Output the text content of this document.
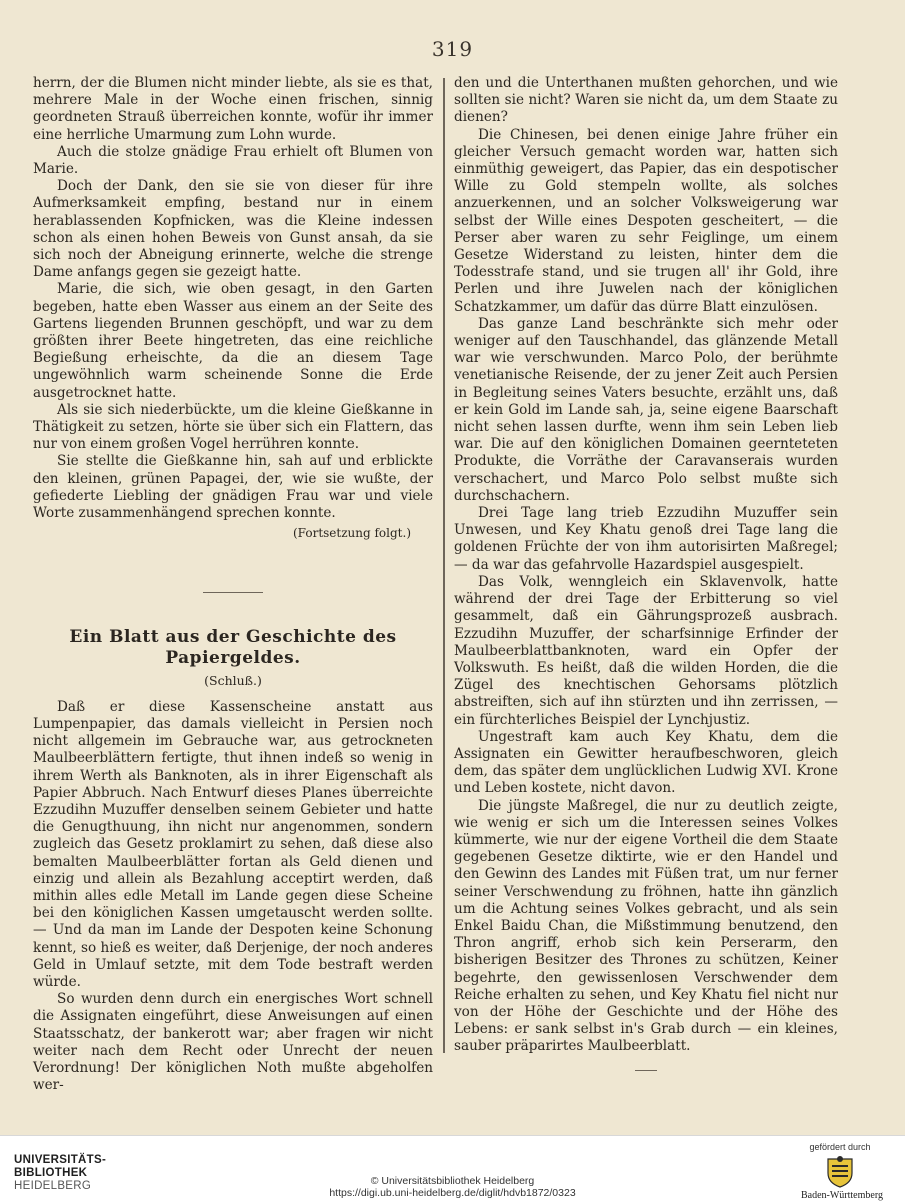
319

herrn, der die Blumen nicht minder liebte, als sie es that, mehrere Male in der Woche einen frischen, sinnig geordneten Strauß überreichen konnte, wofür ihr immer eine herrliche Umarmung zum Lohn wurde.

Auch die stolze gnädige Frau erhielt oft Blumen von Marie.

Doch der Dank, den sie sie von dieser für ihre Aufmerksamkeit empfing, bestand nur in einem herablassenden Kopfnicken, was die Kleine indessen schon als einen hohen Beweis von Gunst ansah, da sie sich noch der Abneigung erinnerte, welche die strenge Dame anfangs gegen sie gezeigt hatte.

Marie, die sich, wie oben gesagt, in den Garten begeben, hatte eben Wasser aus einem an der Seite des Gartens liegenden Brunnen geschöpft, und war zu dem größten ihrer Beete hingetreten, das eine reichliche Begießung erheischte, da die an diesem Tage ungewöhnlich warm scheinende Sonne die Erde ausgetrocknet hatte.

Als sie sich niederbückte, um die kleine Gießkanne in Thätigkeit zu setzen, hörte sie über sich ein Flattern, das nur von einem großen Vogel herrühren konnte.

Sie stellte die Gießkanne hin, sah auf und erblickte den kleinen, grünen Papagei, der, wie sie wußte, der gefiederte Liebling der gnädigen Frau war und viele Worte zusammenhängend sprechen konnte.

(Fortsetzung folgt.)

Ein Blatt aus der Geschichte des Papiergeldes.

(Schluß.)

Daß er diese Kassenscheine anstatt aus Lumpenpapier, das damals vielleicht in Persien noch nicht allgemein im Gebrauche war, aus getrockneten Maulbeerblättern fertigte, thut ihnen indeß so wenig in ihrem Werth als Banknoten, als in ihrer Eigenschaft als Papier Abbruch. Nach Entwurf dieses Planes überreichte Ezzudihn Muzuffer denselben seinem Gebieter und hatte die Genugthuung, ihn nicht nur angenommen, sondern zugleich das Gesetz proklamirt zu sehen, daß diese also bemalten Maulbeerblätter fortan als Geld dienen und einzig und allein als Bezahlung acceptirt werden, daß mithin alles edle Metall im Lande gegen diese Scheine bei den königlichen Kassen umgetauscht werden sollte. — Und da man im Lande der Despoten keine Schonung kennt, so hieß es weiter, daß Derjenige, der noch anderes Geld in Umlauf setzte, mit dem Tode bestraft werden würde.

So wurden denn durch ein energisches Wort schnell die Assignaten eingeführt, diese Anweisungen auf einen Staatsschatz, der bankerott war; aber fragen wir nicht weiter nach dem Recht oder Unrecht der neuen Verordnung! Der königlichen Noth mußte abgeholfen wer-

den und die Unterthanen mußten gehorchen, und wie sollten sie nicht? Waren sie nicht da, um dem Staate zu dienen?

Die Chinesen, bei denen einige Jahre früher ein gleicher Versuch gemacht worden war, hatten sich einmüthig geweigert, das Papier, das ein despotischer Wille zu Gold stempeln wollte, als solches anzuerkennen, und an solcher Volksweigerung war selbst der Wille eines Despoten gescheitert, — die Perser aber waren zu sehr Feiglinge, um einem Gesetze Widerstand zu leisten, hinter dem die Todesstrafe stand, und sie trugen all' ihr Gold, ihre Perlen und ihre Juwelen nach der königlichen Schatzkammer, um dafür das dürre Blatt einzulösen.

Das ganze Land beschränkte sich mehr oder weniger auf den Tauschhandel, das glänzende Metall war wie verschwunden. Marco Polo, der berühmte venetianische Reisende, der zu jener Zeit auch Persien in Begleitung seines Vaters besuchte, erzählt uns, daß er kein Gold im Lande sah, ja, seine eigene Baarschaft nicht sehen lassen durfte, wenn ihm sein Leben lieb war. Die auf den königlichen Domainen geernteteten Produkte, die Vorräthe der Caravanserais wurden verschachert, und Marco Polo selbst mußte sich durchschachern.

Drei Tage lang trieb Ezzudihn Muzuffer sein Unwesen, und Key Khatu genoß drei Tage lang die goldenen Früchte der von ihm autorisirten Maßregel; — da war das gefahrvolle Hazardspiel ausgespielt.

Das Volk, wenngleich ein Sklavenvolk, hatte während der drei Tage der Erbitterung so viel gesammelt, daß ein Gährungsprozeß ausbrach. Ezzudihn Muzuffer, der scharfsinnige Erfinder der Maulbeerblattbanknoten, ward ein Opfer der Volkswuth. Es heißt, daß die wilden Horden, die die Zügel des knechtischen Gehorsams plötzlich abstreiften, sich auf ihn stürzten und ihn zerrissen, — ein fürchterliches Beispiel der Lynchjustiz.

Ungestraft kam auch Key Khatu, dem die Assignaten ein Gewitter heraufbeschworen, gleich dem, das später dem unglücklichen Ludwig XVI. Krone und Leben kostete, nicht davon.

Die jüngste Maßregel, die nur zu deutlich zeigte, wie wenig er sich um die Interessen seines Volkes kümmerte, wie nur der eigene Vortheil die dem Staate gegebenen Gesetze diktirte, wie er den Handel und den Gewinn des Landes mit Füßen trat, um nur ferner seiner Verschwendung zu fröhnen, hatte ihn gänzlich um die Achtung seines Volkes gebracht, und als sein Enkel Baidu Chan, die Mißstimmung benutzend, den Thron angriff, erhob sich kein Perserarm, den bisherigen Besitzer des Thrones zu schützen, Keiner begehrte, den gewissenlosen Verschwender dem Reiche erhalten zu sehen, und Key Khatu fiel nicht nur von der Höhe der Geschichte und der Höhe des Lebens: er sank selbst in's Grab durch — ein kleines, sauber präparirtes Maulbeerblatt.

UNIVERSITÄTS-
BIBLIOTHEK
HEIDELBERG	© Universitätsbibliothek Heidelberg
https://digi.ub.uni-heidelberg.de/diglit/hdvb1872/0323
gefördert durch
Baden-Württemberg
